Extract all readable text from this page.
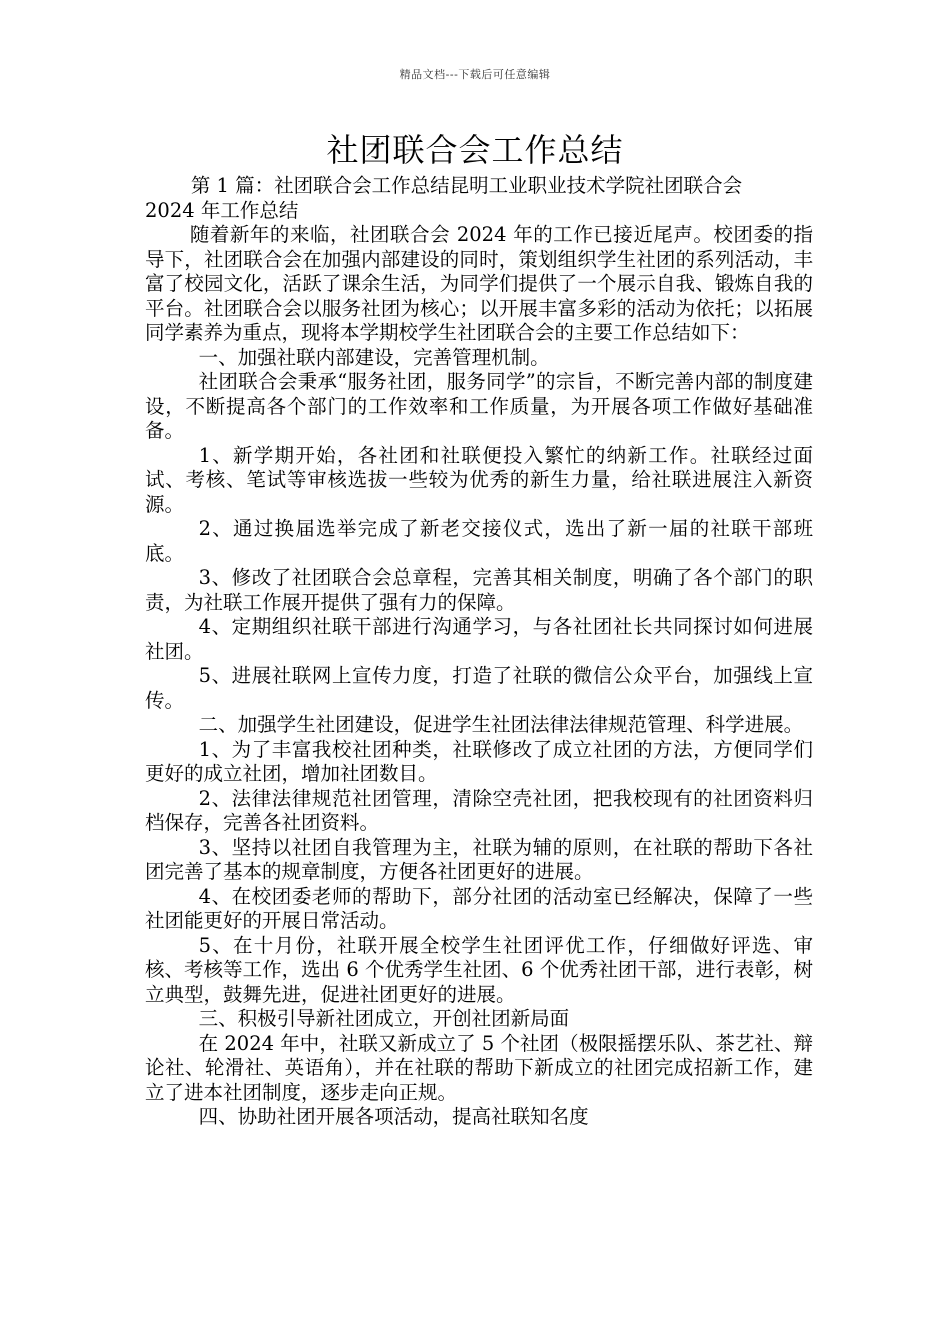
精品文档---下载后可任意编辑
社团联合会工作总结

第 1 篇：社团联合会工作总结昆明工业职业技术学院社团联合会

2024 年工作总结

随着新年的来临，社团联合会 2024 年的工作已接近尾声。校团委的指导下，社团联合会在加强内部建设的同时，策划组织学生社团的系列活动，丰富了校园文化，活跃了课余生活，为同学们提供了一个展示自我、锻炼自我的平台。社团联合会以服务社团为核心；以开展丰富多彩的活动为依托；以拓展同学素养为重点，现将本学期校学生社团联合会的主要工作总结如下：

一、加强社联内部建设，完善管理机制。

社团联合会秉承“服务社团，服务同学”的宗旨，不断完善内部的制度建设，不断提高各个部门的工作效率和工作质量，为开展各项工作做好基础准备。

1、新学期开始，各社团和社联便投入繁忙的纳新工作。社联经过面试、考核、笔试等审核选拔一些较为优秀的新生力量，给社联进展注入新资源。

2、通过换届选举完成了新老交接仪式，选出了新一届的社联干部班底。

3、修改了社团联合会总章程，完善其相关制度，明确了各个部门的职责，为社联工作展开提供了强有力的保障。

4、定期组织社联干部进行沟通学习，与各社团社长共同探讨如何进展社团。

5、进展社联网上宣传力度，打造了社联的微信公众平台，加强线上宣传。

二、加强学生社团建设，促进学生社团法律法律规范管理、科学进展。

1、为了丰富我校社团种类，社联修改了成立社团的方法，方便同学们更好的成立社团，增加社团数目。

2、法律法律规范社团管理，清除空壳社团，把我校现有的社团资料归档保存，完善各社团资料。

3、坚持以社团自我管理为主，社联为辅的原则，在社联的帮助下各社团完善了基本的规章制度，方便各社团更好的进展。

4、在校团委老师的帮助下，部分社团的活动室已经解决，保障了一些社团能更好的开展日常活动。

5、在十月份，社联开展全校学生社团评优工作，仔细做好评选、审核、考核等工作，选出 6 个优秀学生社团、6 个优秀社团干部，进行表彰，树立典型，鼓舞先进，促进社团更好的进展。

三、积极引导新社团成立，开创社团新局面

在 2024 年中，社联又新成立了 5 个社团（极限摇摆乐队、茶艺社、辩论社、轮滑社、英语角），并在社联的帮助下新成立的社团完成招新工作，建立了进本社团制度，逐步走向正规。

四、协助社团开展各项活动，提高社联知名度
